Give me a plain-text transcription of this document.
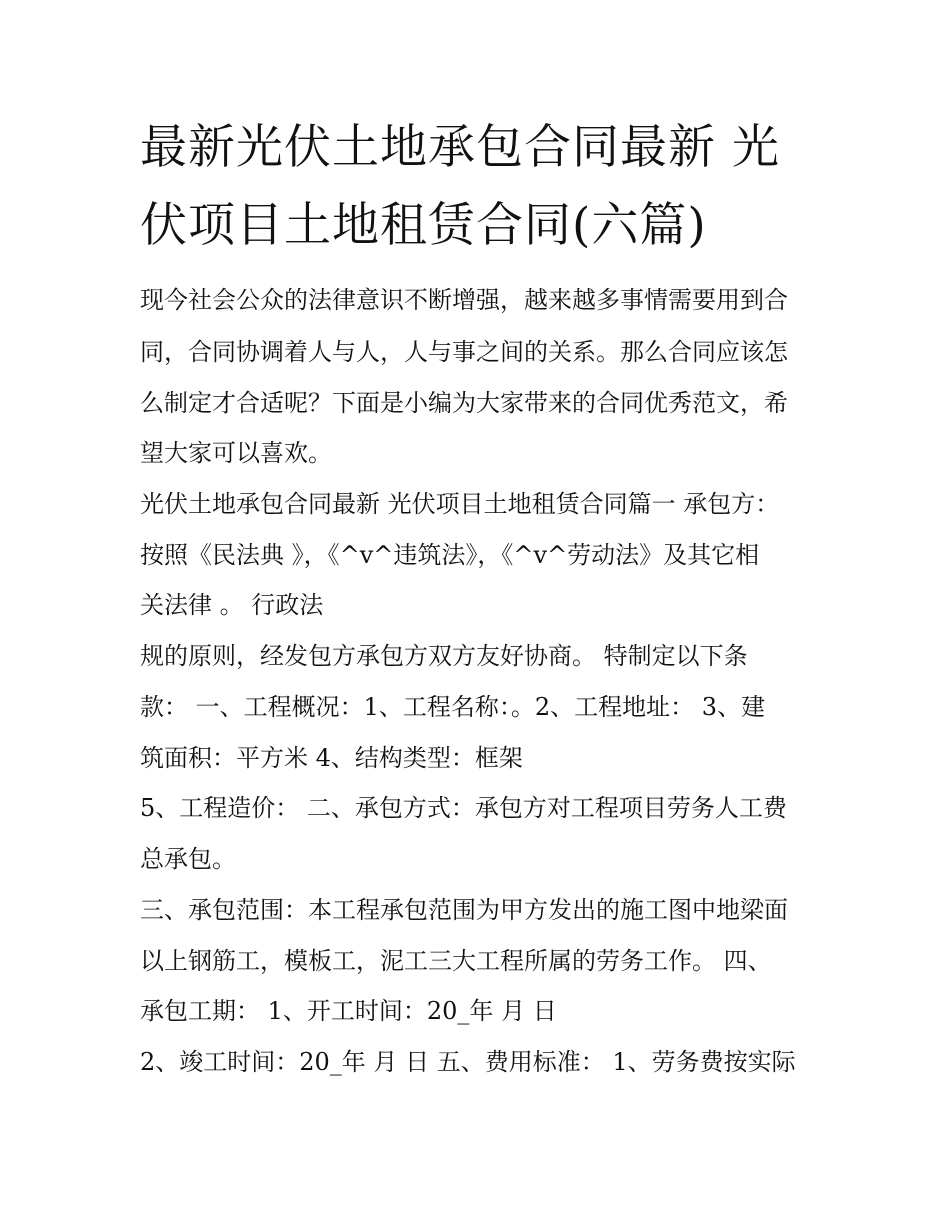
最新光伏土地承包合同最新 光
伏项目土地租赁合同(六篇)
现今社会公众的法律意识不断增强，越来越多事情需要用到合
同，合同协调着人与人，人与事之间的关系。那么合同应该怎
么制定才合适呢？下面是小编为大家带来的合同优秀范文，希
望大家可以喜欢。
光伏土地承包合同最新 光伏项目土地租赁合同篇一 承包方：
按照《民法典 》，《^v^违筑法》，《^v^劳动法》及其它相
关法律 。 行政法
规的原则，经发包方承包方双方友好协商。 特制定以下条
款： 一、工程概况：1、工程名称：。2、工程地址： 3、建
筑面积：平方米 4、结构类型：框架
5、工程造价： 二、承包方式：承包方对工程项目劳务人工费
总承包。
三、承包范围：本工程承包范围为甲方发出的施工图中地梁面
以上钢筋工，模板工，泥工三大工程所属的劳务工作。 四、
承包工期： 1、开工时间：20_年 月 日
2、竣工时间：20_年 月 日 五、费用标准： 1、劳务费按实际
